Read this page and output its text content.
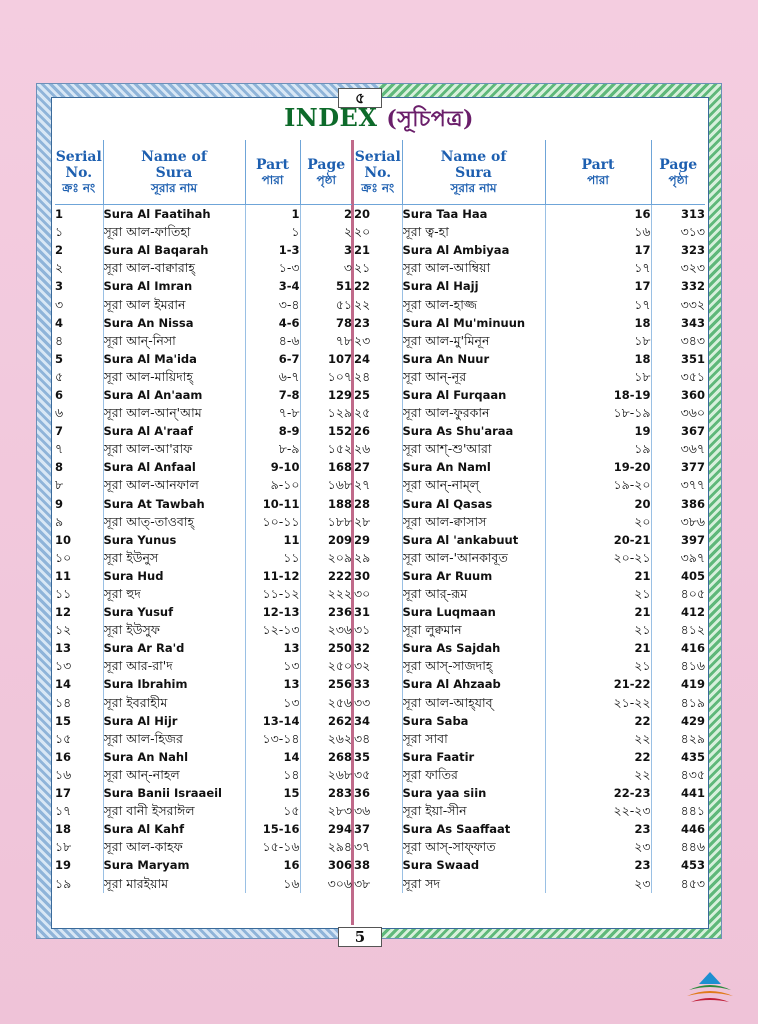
৫
INDEX (সূচিপত্র)
Serial
No.
ক্রঃ নং	Name of
Sura
সূরার নাম	Part
পারা	Page
পৃষ্ঠা

1	Sura Al Faatihah	1	2
১	সূরা আল-ফাতিহা	১	২
2	Sura Al Baqarah	1-3	3
২	সূরা আল-বাক্বারাহ্	১-৩	৩
3	Sura Al Imran	3-4	51
৩	সূরা আল ইমরান	৩-৪	৫১
4	Sura An Nissa	4-6	78
৪	সূরা আন্-নিসা	৪-৬	৭৮
5	Sura Al Ma'ida	6-7	107
৫	সূরা আল-মায়িদাহ্	৬-৭	১০৭
6	Sura Al An'aam	7-8	129
৬	সূরা আল-আন্'আম	৭-৮	১২৯
7	Sura Al A'raaf	8-9	152
৭	সূরা আল-আ'রাফ	৮-৯	১৫২
8	Sura Al Anfaal	9-10	168
৮	সূরা আল-আনফাল	৯-১০	১৬৮
9	Sura At Tawbah	10-11	188
৯	সূরা আত্-তাওবাহ্	১০-১১	১৮৮
10	Sura Yunus	11	209
১০	সূরা ইউনুস	১১	২০৯
11	Sura Hud	11-12	222
১১	সূরা হুদ	১১-১২	২২২
12	Sura Yusuf	12-13	236
১২	সূরা ইউসুফ	১২-১৩	২৩৬
13	Sura Ar Ra'd	13	250
১৩	সূরা আর-রা'দ	১৩	২৫০
14	Sura Ibrahim	13	256
১৪	সূরা ইবরাহীম	১৩	২৫৬
15	Sura Al Hijr	13-14	262
১৫	সূরা আল-হিজর	১৩-১৪	২৬২
16	Sura An Nahl	14	268
১৬	সূরা আন্-নাহল	১৪	২৬৮
17	Sura Banii Israaeil	15	283
১৭	সূরা বানী ইসরাঈল	১৫	২৮৩
18	Sura Al Kahf	15-16	294
১৮	সূরা আল-কাহফ	১৫-১৬	২৯৪
19	Sura Maryam	16	306
১৯	সূরা মারইয়াম	১৬	৩০৬
Serial
No.
ক্রঃ নং	Name of
Sura
সূরার নাম	Part
পারা	Page
পৃষ্ঠা

20	Sura Taa Haa	16	313
২০	সূরা ত্ব-হা	১৬	৩১৩
21	Sura Al Ambiyaa	17	323
২১	সূরা আল-আম্বিয়া	১৭	৩২৩
22	Sura Al Hajj	17	332
২২	সূরা আল-হাজ্জ	১৭	৩৩২
23	Sura Al Mu'minuun	18	343
২৩	সূরা আল-মু'মিনূন	১৮	৩৪৩
24	Sura An Nuur	18	351
২৪	সূরা আন্-নূর	১৮	৩৫১
25	Sura Al Furqaan	18-19	360
২৫	সূরা আল-ফুরকান	১৮-১৯	৩৬০
26	Sura As Shu'araa	19	367
২৬	সূরা আশ্-শু'আরা	১৯	৩৬৭
27	Sura An Naml	19-20	377
২৭	সূরা আন্-নাম্‌ল্	১৯-২০	৩৭৭
28	Sura Al Qasas	20	386
২৮	সূরা আল-ক্বাসাস	২০	৩৮৬
29	Sura Al 'ankabuut	20-21	397
২৯	সূরা আল-'আনকাবূত	২০-২১	৩৯৭
30	Sura Ar Ruum	21	405
৩০	সূরা আর্-রূম	২১	৪০৫
31	Sura Luqmaan	21	412
৩১	সূরা লুক্বমান	২১	৪১২
32	Sura As Sajdah	21	416
৩২	সূরা আস্-সাজদাহ্	২১	৪১৬
33	Sura Al Ahzaab	21-22	419
৩৩	সূরা আল-আহ্‌যাব্	২১-২২	৪১৯
34	Sura Saba	22	429
৩৪	সূরা সাবা	২২	৪২৯
35	Sura Faatir	22	435
৩৫	সূরা ফাতির	২২	৪৩৫
36	Sura yaa siin	22-23	441
৩৬	সূরা ইয়া-সীন	২২-২৩	৪৪১
37	Sura As Saaffaat	23	446
৩৭	সূরা আস্-সাফ্‌ফাত	২৩	৪৪৬
38	Sura Swaad	23	453
৩৮	সূরা সদ	২৩	৪৫৩
5
